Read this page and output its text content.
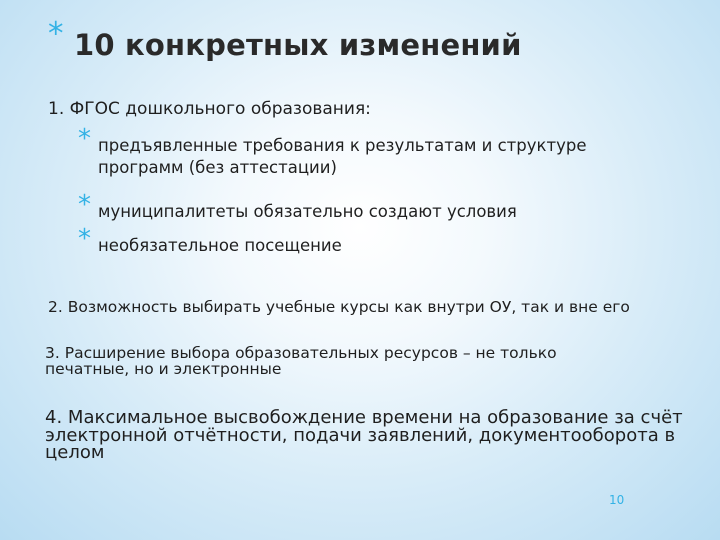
* 10 конкретных изменений
1. ФГОС дошкольного образования:
* предъявленные требования к результатам и структуре программ (без аттестации)
* муниципалитеты обязательно создают условия
* необязательное посещение
2. Возможность выбирать учебные курсы как внутри ОУ, так и вне его
3. Расширение выбора образовательных ресурсов – не только печатные, но и электронные
4. Максимальное высвобождение времени на образование за счёт электронной отчётности, подачи заявлений, документооборота в целом
10
